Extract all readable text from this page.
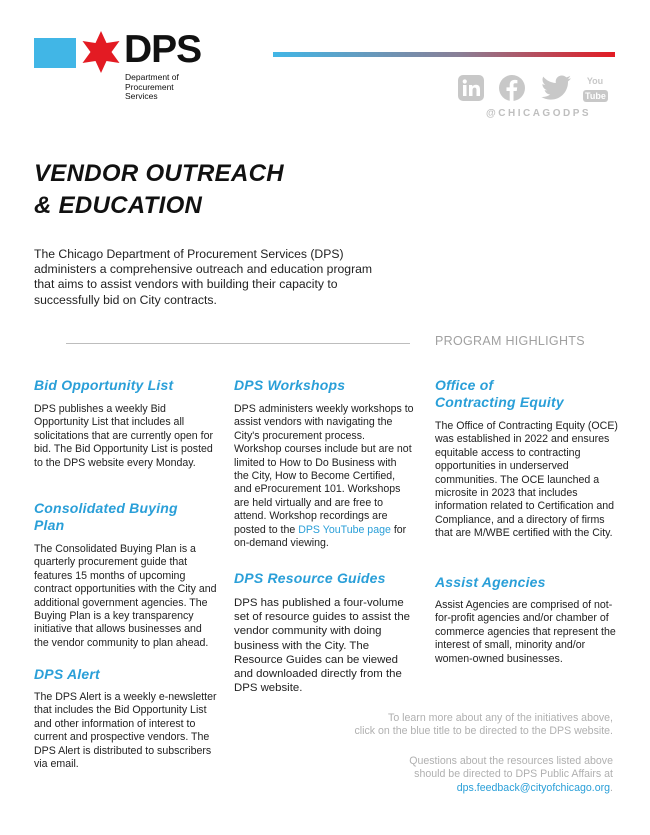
DPS
Department of
Procurement
Services
You
Tube
@CHICAGODPS
VENDOR OUTREACH
& EDUCATION
The Chicago Department of Procurement Services (DPS) administers a comprehensive outreach and education program that aims to assist vendors with building their capacity to successfully bid on City contracts.
PROGRAM HIGHLIGHTS
Bid Opportunity List
DPS publishes a weekly Bid Opportunity List that includes all solicitations that are currently open for bid. The Bid Opportunity List is posted to the DPS website every Monday.
Consolidated Buying
Plan
The Consolidated Buying Plan is a quarterly procurement guide that features 15 months of upcoming contract opportunities with the City and additional government agencies. The Buying Plan is a key transparency initiative that allows businesses and the vendor community to plan ahead.
DPS Alert
The DPS Alert is a weekly e-newsletter that includes the Bid Opportunity List and other information of interest to current and prospective vendors. The DPS Alert is distributed to subscribers via email.
DPS Workshops
DPS administers weekly workshops to assist vendors with navigating the City's procurement process. Workshop courses include but are not limited to How to Do Business with the City, How to Become Certified, and eProcurement 101. Workshops are held virtually and are free to attend. Workshop recordings are posted to the DPS YouTube page for on-demand viewing.
DPS Resource Guides
DPS has published a four-volume set of resource guides to assist the vendor community with doing business with the City. The Resource Guides can be viewed and downloaded directly from the DPS website.
Office of
Contracting Equity
The Office of Contracting Equity (OCE) was established in 2022 and ensures equitable access to contracting opportunities in underserved communities. The OCE launched a microsite in 2023 that includes information related to Certification and Compliance, and a directory of firms that are M/WBE certified with the City.
Assist Agencies
Assist Agencies are comprised of not-for-profit agencies and/or chamber of commerce agencies that represent the interest of small, minority and/or women-owned businesses.
To learn more about any of the initiatives above,
click on the blue title to be directed to the DPS website.
Questions about the resources listed above
should be directed to DPS Public Affairs at
dps.feedback@cityofchicago.org.
